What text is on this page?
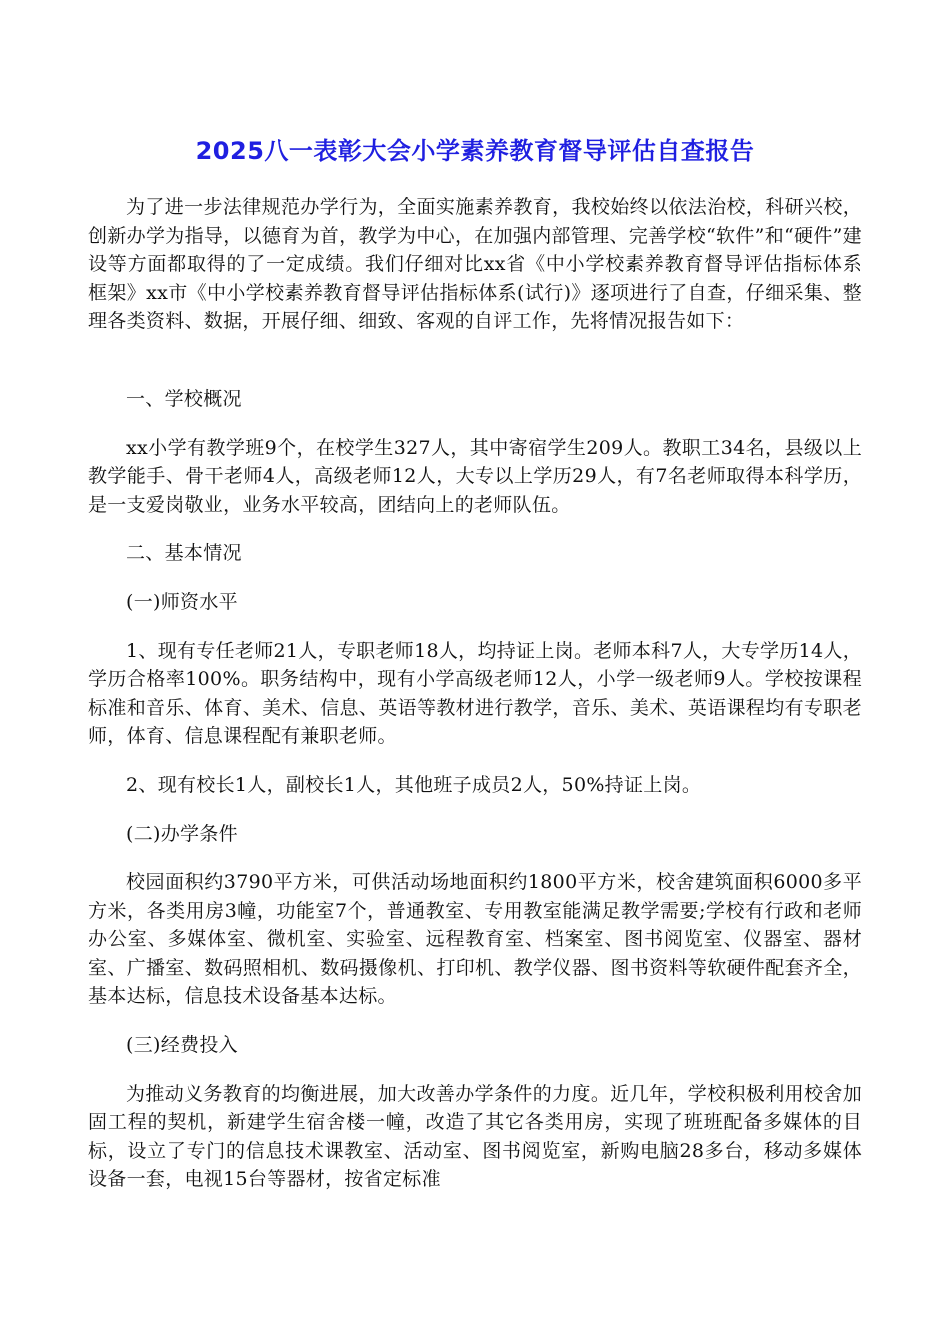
2025八一表彰大会小学素养教育督导评估自查报告

为了进一步法律规范办学行为，全面实施素养教育，我校始终以依法治校，科研兴校，创新办学为指导，以德育为首，教学为中心，在加强内部管理、完善学校“软件”和“硬件”建设等方面都取得的了一定成绩。我们仔细对比xx省《中小学校素养教育督导评估指标体系框架》xx市《中小学校素养教育督导评估指标体系(试行)》逐项进行了自查，仔细采集、整理各类资料、数据，开展仔细、细致、客观的自评工作，先将情况报告如下：

一、学校概况

xx小学有教学班9个，在校学生327人，其中寄宿学生209人。教职工34名，县级以上教学能手、骨干老师4人，高级老师12人，大专以上学历29人，有7名老师取得本科学历，是一支爱岗敬业，业务水平较高，团结向上的老师队伍。

二、基本情况

(一)师资水平

1、现有专任老师21人，专职老师18人，均持证上岗。老师本科7人，大专学历14人，学历合格率100%。职务结构中，现有小学高级老师12人，小学一级老师9人。学校按课程标准和音乐、体育、美术、信息、英语等教材进行教学，音乐、美术、英语课程均有专职老师，体育、信息课程配有兼职老师。

2、现有校长1人，副校长1人，其他班子成员2人，50%持证上岗。

(二)办学条件

校园面积约3790平方米，可供活动场地面积约1800平方米，校舍建筑面积6000多平方米，各类用房3幢，功能室7个，普通教室、专用教室能满足教学需要;学校有行政和老师办公室、多媒体室、微机室、实验室、远程教育室、档案室、图书阅览室、仪器室、器材室、广播室、数码照相机、数码摄像机、打印机、教学仪器、图书资料等软硬件配套齐全，基本达标，信息技术设备基本达标。

(三)经费投入

为推动义务教育的均衡进展，加大改善办学条件的力度。近几年，学校积极利用校舍加固工程的契机，新建学生宿舍楼一幢，改造了其它各类用房，实现了班班配备多媒体的目标，设立了专门的信息技术课教室、活动室、图书阅览室，新购电脑28多台，移动多媒体设备一套，电视15台等器材，按省定标准
